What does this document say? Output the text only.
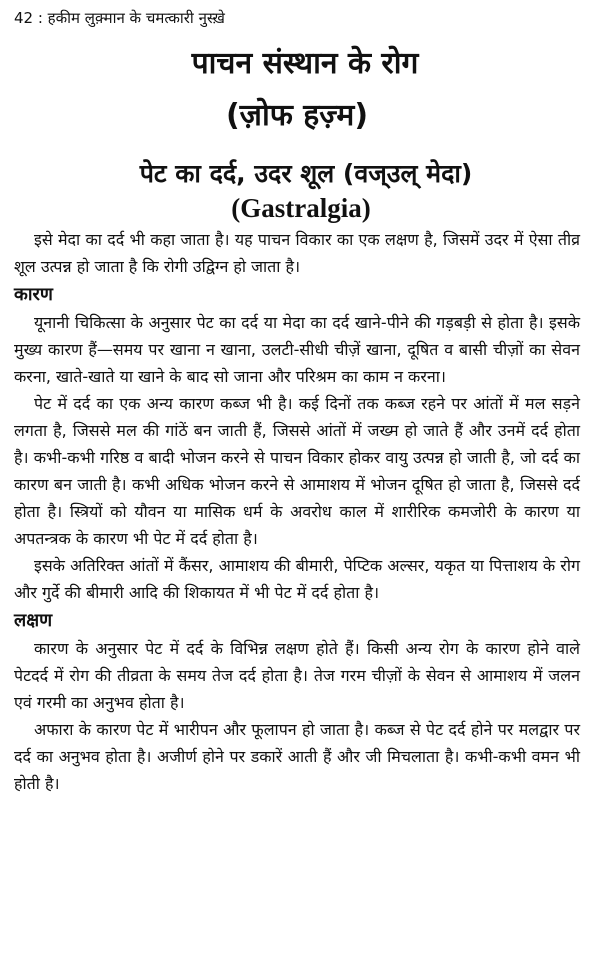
42 : हकीम लुक़्मान के चमत्कारी नुस्ख़े
पाचन संस्थान के रोग
(ज़ोफ हज़्म)
पेट का दर्द, उदर शूल (वज्उल् मेदा)
(Gastralgia)

इसे मेदा का दर्द भी कहा जाता है। यह पाचन विकार का एक लक्षण है, जिसमें उदर में ऐसा तीव्र शूल उत्पन्न हो जाता है कि रोगी उद्विग्न हो जाता है।

कारण

यूनानी चिकित्सा के अनुसार पेट का दर्द या मेदा का दर्द खाने-पीने की गड़बड़ी से होता है। इसके मुख्य कारण हैं—समय पर खाना न खाना, उलटी-सीधी चीज़ें खाना, दूषित व बासी चीज़ों का सेवन करना, खाते-खाते या खाने के बाद सो जाना और परिश्रम का काम न करना।

पेट में दर्द का एक अन्य कारण कब्ज भी है। कई दिनों तक कब्ज रहने पर आंतों में मल सड़ने लगता है, जिससे मल की गांठें बन जाती हैं, जिससे आंतों में जख्म हो जाते हैं और उनमें दर्द होता है। कभी-कभी गरिष्ठ व बादी भोजन करने से पाचन विकार होकर वायु उत्पन्न हो जाती है, जो दर्द का कारण बन जाती है। कभी अधिक भोजन करने से आमाशय में भोजन दूषित हो जाता है, जिससे दर्द होता है। स्त्रियों को यौवन या मासिक धर्म के अवरोध काल में शारीरिक कमजोरी के कारण या अपतन्त्रक के कारण भी पेट में दर्द होता है।

इसके अतिरिक्त आंतों में कैंसर, आमाशय की बीमारी, पेप्टिक अल्सर, यकृत या पित्ताशय के रोग और गुर्दे की बीमारी आदि की शिकायत में भी पेट में दर्द होता है।

लक्षण

कारण के अनुसार पेट में दर्द के विभिन्न लक्षण होते हैं। किसी अन्य रोग के कारण होने वाले पेटदर्द में रोग की तीव्रता के समय तेज दर्द होता है। तेज गरम चीज़ों के सेवन से आमाशय में जलन एवं गरमी का अनुभव होता है।

अफारा के कारण पेट में भारीपन और फूलापन हो जाता है। कब्ज से पेट दर्द होने पर मलद्वार पर दर्द का अनुभव होता है। अजीर्ण होने पर डकारें आती हैं और जी मिचलाता है। कभी-कभी वमन भी होती है।
